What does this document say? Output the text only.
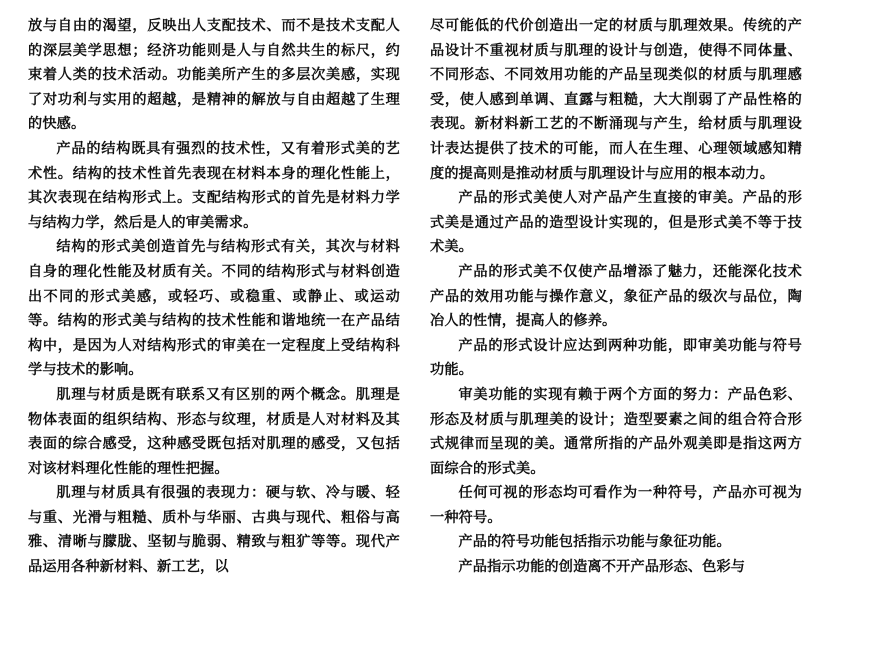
放与自由的渴望，反映出人支配技术、而不是技术支配人的深层美学思想；经济功能则是人与自然共生的标尺，约束着人类的技术活动。功能美所产生的多层次美感，实现了对功利与实用的超越，是精神的解放与自由超越了生理的快感。

产品的结构既具有强烈的技术性，又有着形式美的艺术性。结构的技术性首先表现在材料本身的理化性能上，其次表现在结构形式上。支配结构形式的首先是材料力学与结构力学，然后是人的审美需求。

结构的形式美创造首先与结构形式有关，其次与材料自身的理化性能及材质有关。不同的结构形式与材料创造出不同的形式美感，或轻巧、或稳重、或静止、或运动等。结构的形式美与结构的技术性能和谐地统一在产品结构中，是因为人对结构形式的审美在一定程度上受结构科学与技术的影响。

肌理与材质是既有联系又有区别的两个概念。肌理是物体表面的组织结构、形态与纹理，材质是人对材料及其表面的综合感受，这种感受既包括对肌理的感受，又包括对该材料理化性能的理性把握。

肌理与材质具有很强的表现力：硬与软、冷与暖、轻与重、光滑与粗糙、质朴与华丽、古典与现代、粗俗与高雅、清晰与朦胧、坚韧与脆弱、精致与粗犷等等。现代产品运用各种新材料、新工艺，以

尽可能低的代价创造出一定的材质与肌理效果。传统的产品设计不重视材质与肌理的设计与创造，使得不同体量、不同形态、不同效用功能的产品呈现类似的材质与肌理感受，使人感到单调、直露与粗糙，大大削弱了产品性格的表现。新材料新工艺的不断涌现与产生，给材质与肌理设计表达提供了技术的可能，而人在生理、心理领域感知精度的提高则是推动材质与肌理设计与应用的根本动力。

产品的形式美使人对产品产生直接的审美。产品的形式美是通过产品的造型设计实现的，但是形式美不等于技术美。

产品的形式美不仅使产品增添了魅力，还能深化技术产品的效用功能与操作意义，象征产品的级次与品位，陶冶人的性情，提高人的修养。

产品的形式设计应达到两种功能，即审美功能与符号功能。

审美功能的实现有赖于两个方面的努力：产品色彩、形态及材质与肌理美的设计；造型要素之间的组合符合形式规律而呈现的美。通常所指的产品外观美即是指这两方面综合的形式美。

任何可视的形态均可看作为一种符号，产品亦可视为一种符号。

产品的符号功能包括指示功能与象征功能。

产品指示功能的创造离不开产品形态、色彩与
